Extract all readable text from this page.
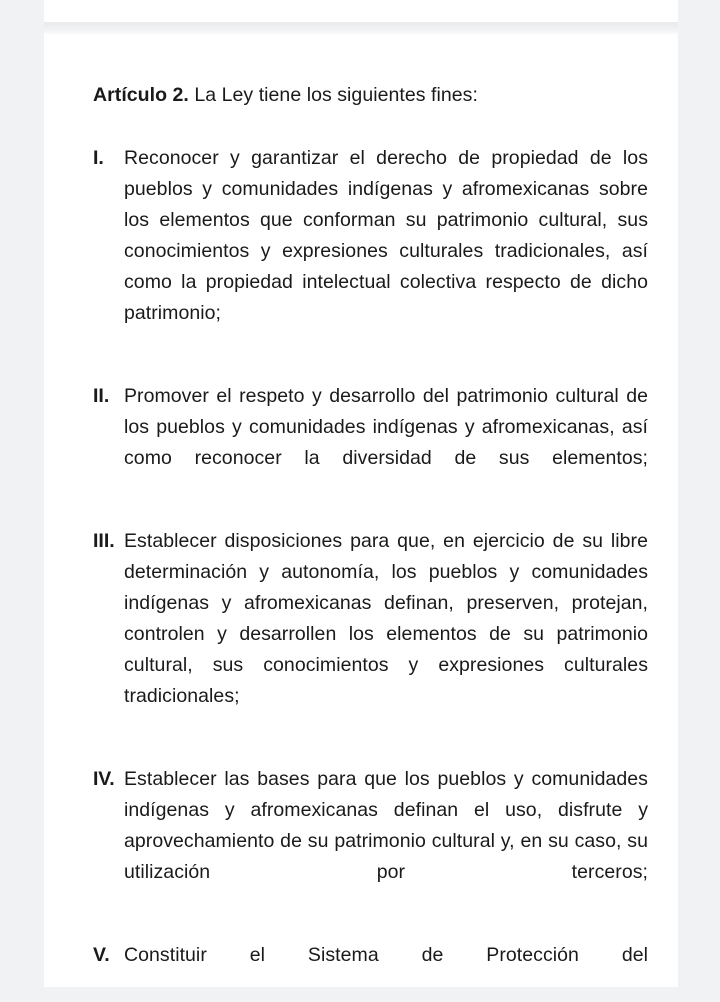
Artículo 2. La Ley tiene los siguientes fines:

I.	Reconocer y garantizar el derecho de propiedad de los pueblos y comunidades indígenas y afromexicanas sobre los elementos que conforman su patrimonio cultural, sus conocimientos y expresiones culturales tradicionales, así como la propiedad intelectual colectiva respecto de dicho patrimonio;
II. Promover el respeto y desarrollo del patrimonio cultural de los pueblos y comunidades indígenas y afromexicanas, así como reconocer la diversidad de sus elementos;
III. Establecer disposiciones para que, en ejercicio de su libre determinación y autonomía, los pueblos y comunidades indígenas y afromexicanas definan, preserven, protejan, controlen y desarrollen los elementos de su patrimonio cultural, sus conocimientos y expresiones culturales tradicionales;
IV. Establecer las bases para que los pueblos y comunidades indígenas y afromexicanas definan el uso, disfrute y aprovechamiento de su patrimonio cultural y, en su caso, su utilización por terceros;
V. Constituir el Sistema de Protección del
